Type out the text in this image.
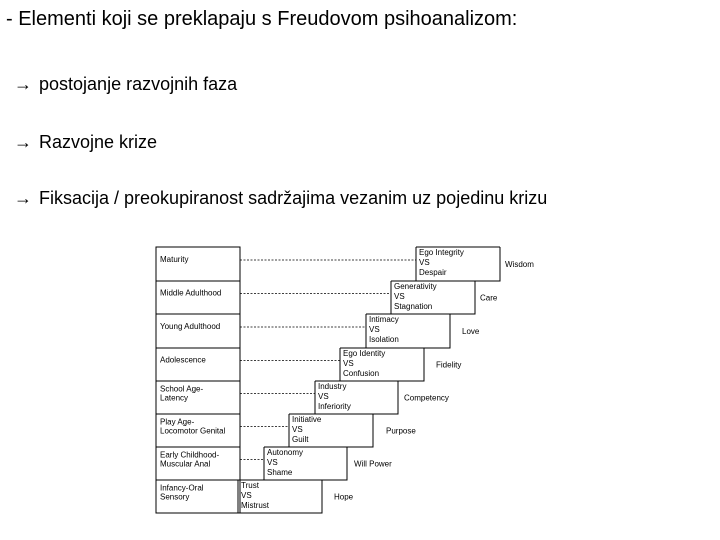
- Elementi koji se preklapaju s Freudovom psihoanalizom:
→ postojanje razvojnih faza
→ Razvojne krize
→ Fiksacija / preokupiranost sadržajima vezanim uz pojedinu krizu
Maturity
Ego Integrity
VS
Despair
Wisdom
Middle Adulthood
Generativity
VS
Stagnation
Care
Young Adulthood
Intimacy
VS
Isolation
Love
Adolescence
Ego Identity
VS
Confusion
Fidelity
School Age-
Latency
Industry
VS
Inferiority
Competency
Play Age-
Locomotor Genital
Initiative
VS
Guilt
Purpose
Early Childhood-
Muscular Anal
Autonomy
VS
Shame
Will Power
Infancy-Oral
Sensory
Trust
VS
Mistrust
Hope
